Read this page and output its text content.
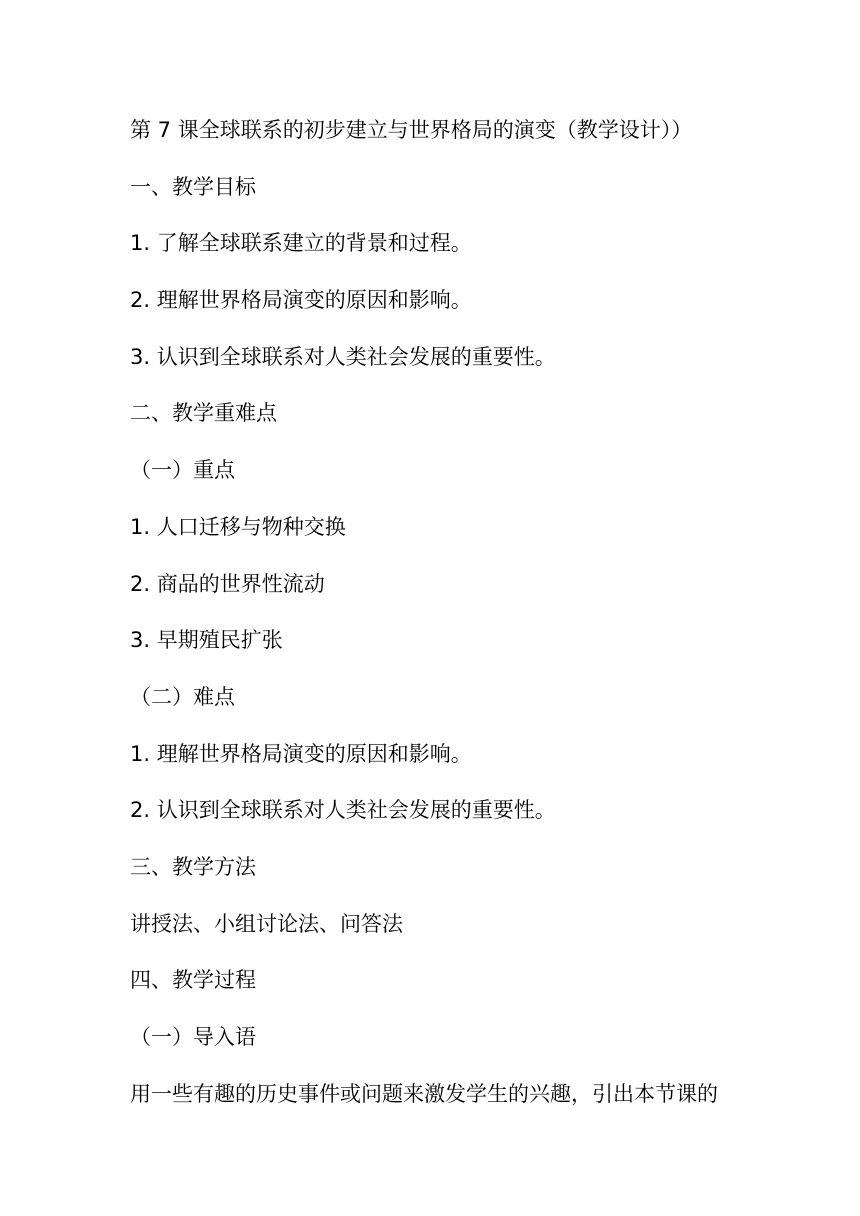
第 7 课全球联系的初步建立与世界格局的演变（教学设计））
一、教学目标
1. 了解全球联系建立的背景和过程。
2. 理解世界格局演变的原因和影响。
3. 认识到全球联系对人类社会发展的重要性。
二、教学重难点
（一）重点
1. 人口迁移与物种交换
2. 商品的世界性流动
3. 早期殖民扩张
（二）难点
1. 理解世界格局演变的原因和影响。
2. 认识到全球联系对人类社会发展的重要性。
三、教学方法
讲授法、小组讨论法、问答法
四、教学过程
（一）导入语
用一些有趣的历史事件或问题来激发学生的兴趣，引出本节课的
